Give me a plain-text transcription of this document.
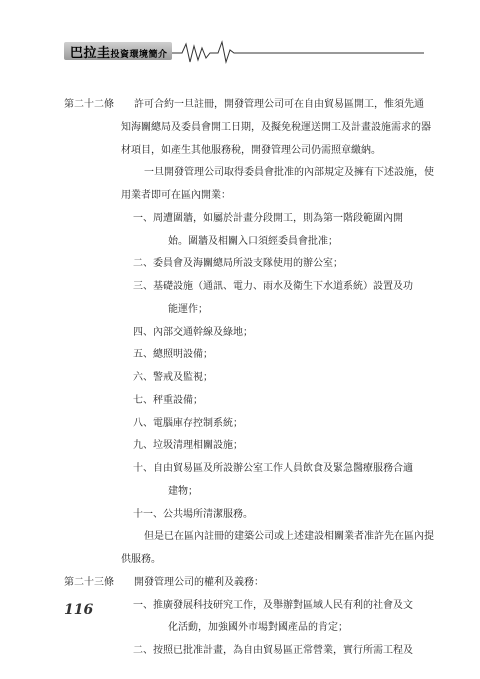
巴拉圭投資環境簡介
第二十二條　　許可合約一旦註冊，開發管理公司可在自由貿易區開工，惟須先通
知海關總局及委員會開工日期，及擬免稅運送開工及計畫設施需求的器
材項目，如產生其他服務稅，開發管理公司仍需照章繳納。
一旦開發管理公司取得委員會批准的內部規定及擁有下述設施，使
用業者即可在區內開業：
一、周遭圍牆，如屬於計畫分段開工，則為第一階段範圍內開
始。圍牆及相關入口須經委員會批准；
二、委員會及海關總局所設支隊使用的辦公室；
三、基礎設施（通訊、電力、雨水及衛生下水道系統）設置及功
能運作；
四、內部交通幹線及綠地；
五、總照明設備；
六、警戒及監視；
七、秤重設備；
八、電腦庫存控制系統；
九、垃圾清理相關設施；
十、自由貿易區及所設辦公室工作人員飲食及緊急醫療服務合適
建物；
十一、公共場所清潔服務。
但是已在區內註冊的建築公司或上述建設相關業者准許先在區內提
供服務。
第二十三條　　開發管理公司的權利及義務：
一、推廣發展科技研究工作，及舉辦對區域人民有利的社會及文
化活動，加強國外市場對國產品的肯定；
二、按照已批准計畫，為自由貿易區正常營業，實行所需工程及
116
